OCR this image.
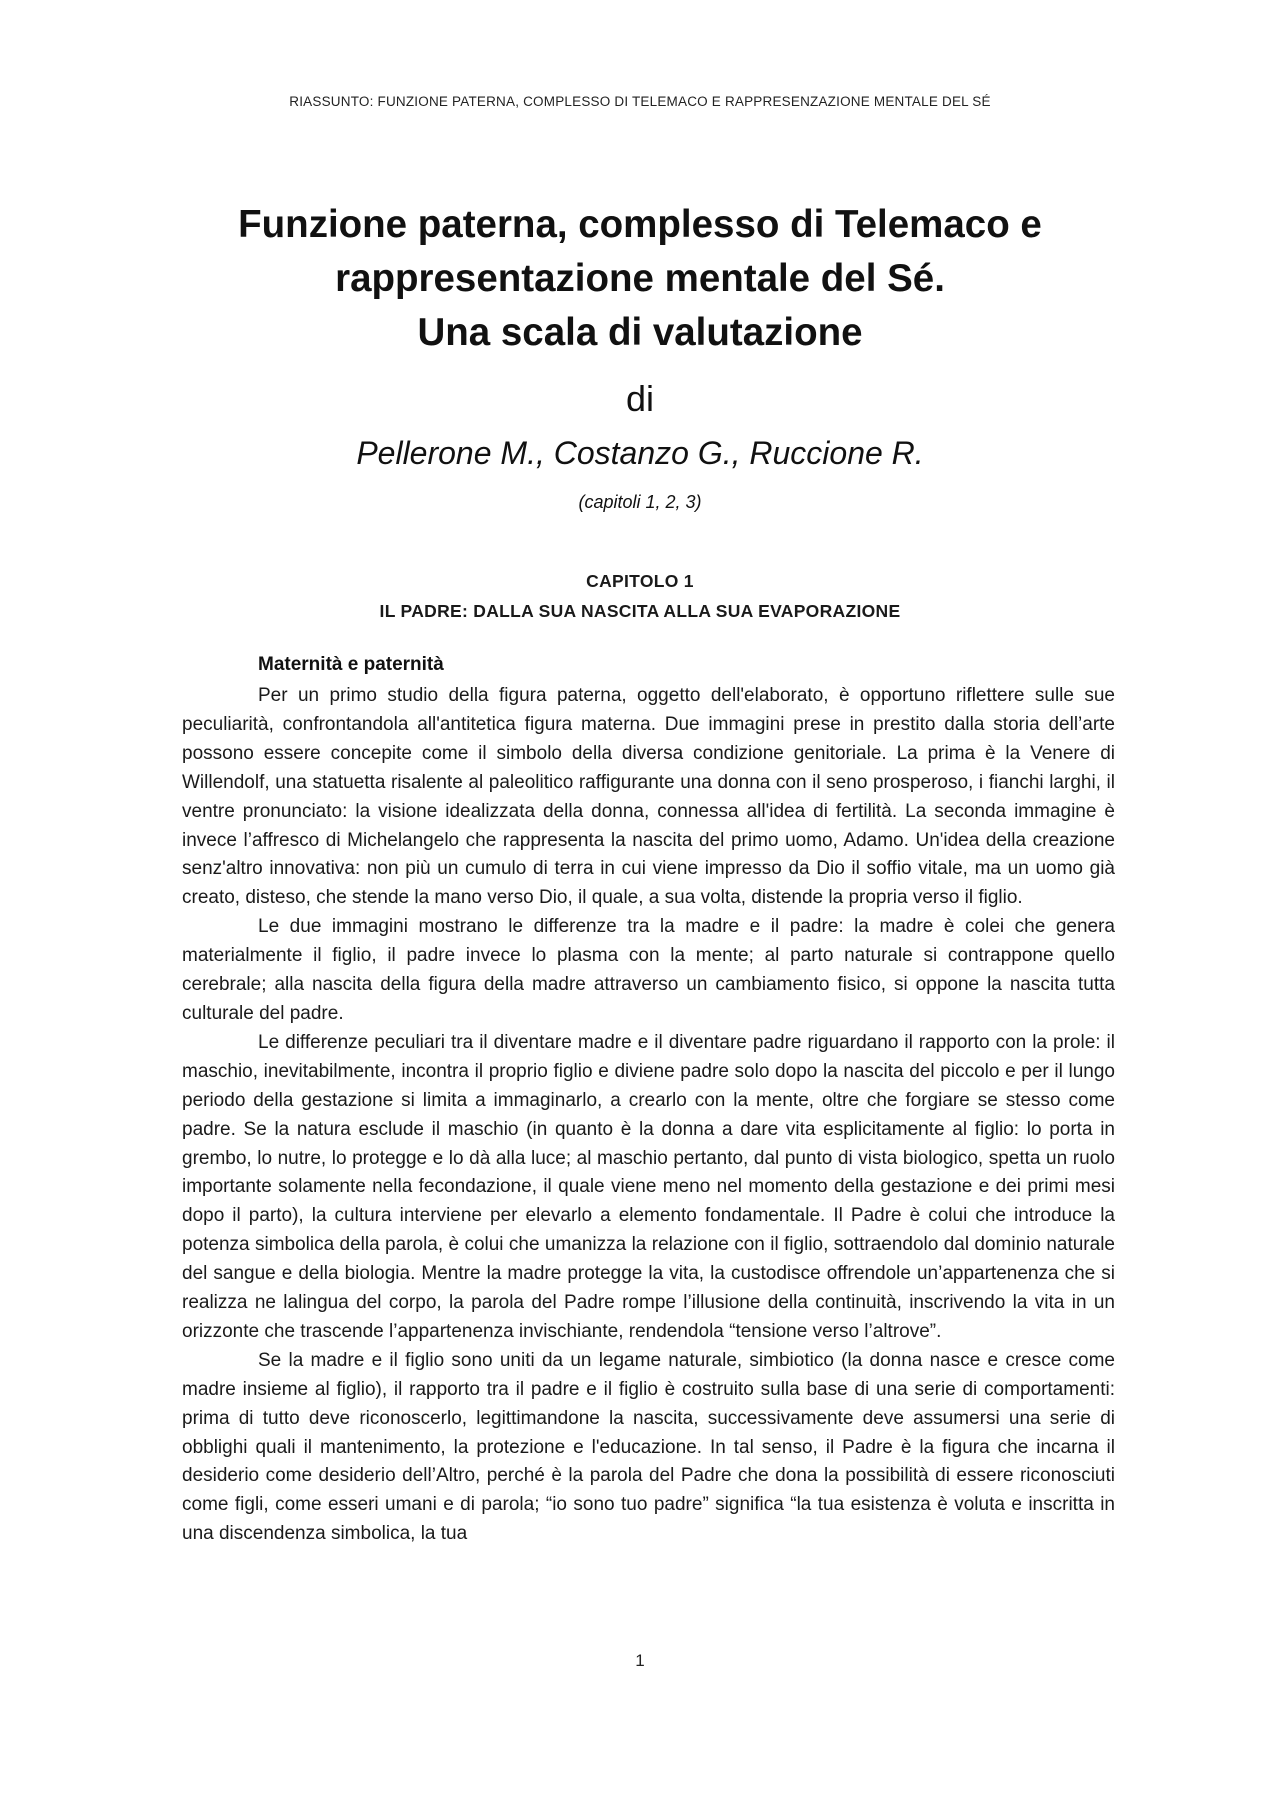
RIASSUNTO: FUNZIONE PATERNA, COMPLESSO DI TELEMACO E RAPPRESENZAZIONE MENTALE DEL SÉ
Funzione paterna, complesso di Telemaco e
rappresentazione mentale del Sé.
Una scala di valutazione
di
Pellerone M., Costanzo G., Ruccione R.
(capitoli 1, 2, 3)
CAPITOLO 1
IL PADRE: DALLA SUA NASCITA ALLA SUA EVAPORAZIONE
Maternità e paternità

Per un primo studio della figura paterna, oggetto dell'elaborato, è opportuno riflettere sulle sue peculiarità, confrontandola all'antitetica figura materna. Due immagini prese in prestito dalla storia dell’arte possono essere concepite come il simbolo della diversa condizione genitoriale. La prima è la Venere di Willendolf, una statuetta risalente al paleolitico raffigurante una donna con il seno prosperoso, i fianchi larghi, il ventre pronunciato: la visione idealizzata della donna, connessa all'idea di fertilità. La seconda immagine è invece l’affresco di Michelangelo che rappresenta la nascita del primo uomo, Adamo. Un'idea della creazione senz'altro innovativa: non più un cumulo di terra in cui viene impresso da Dio il soffio vitale, ma un uomo già creato, disteso, che stende la mano verso Dio, il quale, a sua volta, distende la propria verso il figlio.

Le due immagini mostrano le differenze tra la madre e il padre: la madre è colei che genera materialmente il figlio, il padre invece lo plasma con la mente; al parto naturale si contrappone quello cerebrale; alla nascita della figura della madre attraverso un cambiamento fisico, si oppone la nascita tutta culturale del padre.

Le differenze peculiari tra il diventare madre e il diventare padre riguardano il rapporto con la prole: il maschio, inevitabilmente, incontra il proprio figlio e diviene padre solo dopo la nascita del piccolo e per il lungo periodo della gestazione si limita a immaginarlo, a crearlo con la mente, oltre che forgiare se stesso come padre. Se la natura esclude il maschio (in quanto è la donna a dare vita esplicitamente al figlio: lo porta in grembo, lo nutre, lo protegge e lo dà alla luce; al maschio pertanto, dal punto di vista biologico, spetta un ruolo importante solamente nella fecondazione, il quale viene meno nel momento della gestazione e dei primi mesi dopo il parto), la cultura interviene per elevarlo a elemento fondamentale. Il Padre è colui che introduce la potenza simbolica della parola, è colui che umanizza la relazione con il figlio, sottraendolo dal dominio naturale del sangue e della biologia. Mentre la madre protegge la vita, la custodisce offrendole un’appartenenza che si realizza ne lalingua del corpo, la parola del Padre rompe l’illusione della continuità, inscrivendo la vita in un orizzonte che trascende l’appartenenza invischiante, rendendola “tensione verso l’altrove”.

Se la madre e il figlio sono uniti da un legame naturale, simbiotico (la donna nasce e cresce come madre insieme al figlio), il rapporto tra il padre e il figlio è costruito sulla base di una serie di comportamenti: prima di tutto deve riconoscerlo, legittimandone la nascita, successivamente deve assumersi una serie di obblighi quali il mantenimento, la protezione e l'educazione. In tal senso, il Padre è la figura che incarna il desiderio come desiderio dell’Altro, perché è la parola del Padre che dona la possibilità di essere riconosciuti come figli, come esseri umani e di parola; “io sono tuo padre” significa “la tua esistenza è voluta e inscritta in una discendenza simbolica, la tua

1
